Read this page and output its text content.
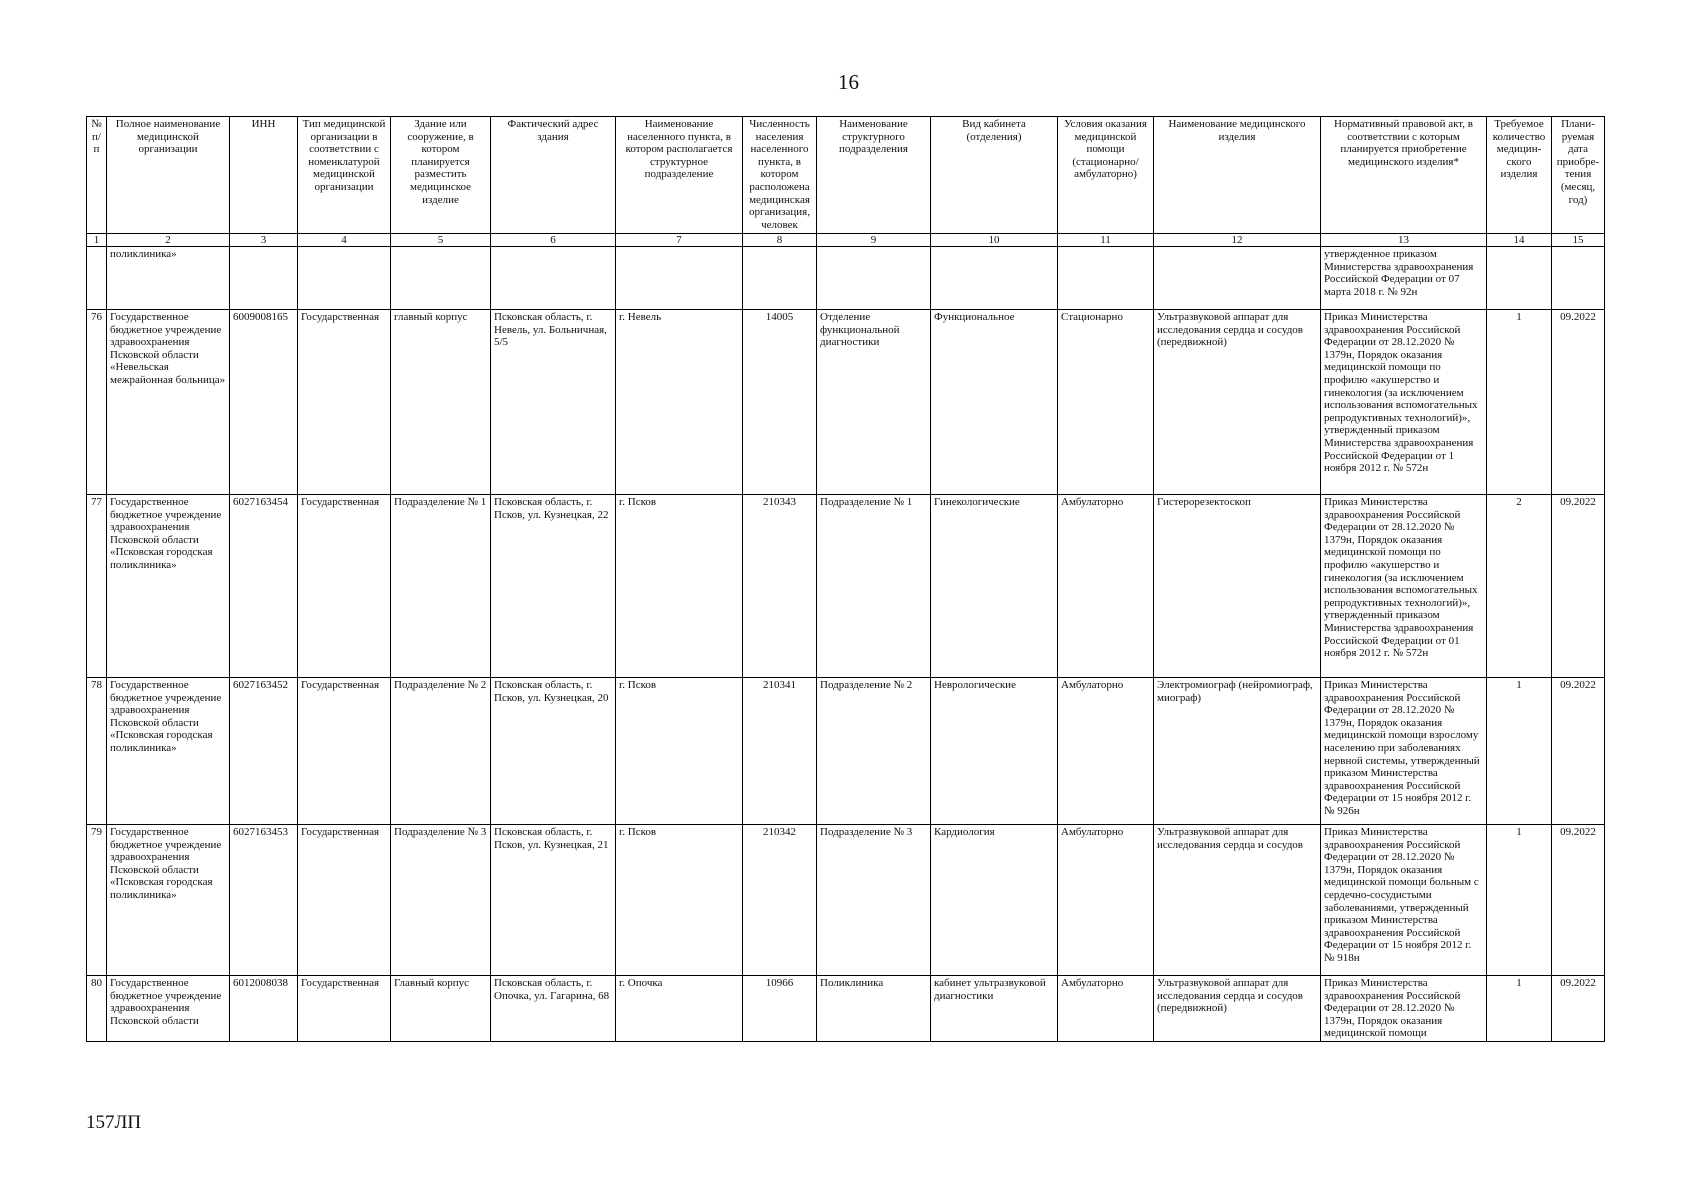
16
№ п/п	Полное наименование медицинской организации	ИНН	Тип медицинской организации в соответствии с номенклатурой медицинской организации	Здание или сооружение, в котором планируется разместить медицинское изделие	Фактический адрес здания	Наименование населенного пункта, в котором располагается структурное подразделение	Численность населения населенного пункта, в котором расположена медицинская организация, человек	Наименование структурного подразделения	Вид кабинета (отделения)	Условия оказания медицинской помощи (стационарно/ амбулаторно)	Наименование медицинского изделия	Нормативный правовой акт, в соответствии с которым планируется приобретение медицинского изделия*	Требуемое количество медицин-ского изделия	Плани-руемая дата приобре-тения (месяц, год)
1	2	3	4	5	6	7	8	9	10	11	12	13	14	15
	поликлиника»											утвержденное приказом Министерства здравоохранения Российской Федерации от 07 марта 2018 г. № 92н		
76	Государственное бюджетное учреждение здравоохранения Псковской области «Невельская межрайонная больница»	6009008165	Государственная	главный корпус	Псковская область, г. Невель, ул. Больничная, 5/5	г. Невель	14005	Отделение функциональной диагностики	Функциональное	Стационарно	Ультразвуковой аппарат для исследования сердца и сосудов (передвижной)	Приказ Министерства здравоохранения Российской Федерации от 28.12.2020 № 1379н, Порядок оказания медицинской помощи по профилю «акушерство и гинекология (за исключением использования вспомогательных репродуктивных технологий)», утвержденный приказом Министерства здравоохранения Российской Федерации от 1 ноября 2012 г. № 572н	1	09.2022
77	Государственное бюджетное учреждение здравоохранения Псковской области «Псковская городская поликлиника»	6027163454	Государственная	Подразделение № 1	Псковская область, г. Псков, ул. Кузнецкая, 22	г. Псков	210343	Подразделение № 1	Гинекологические	Амбулаторно	Гистерорезектоскоп	Приказ Министерства здравоохранения Российской Федерации от 28.12.2020 № 1379н, Порядок оказания медицинской помощи по профилю «акушерство и гинекология (за исключением использования вспомогательных репродуктивных технологий)», утвержденный приказом Министерства здравоохранения Российской Федерации от 01 ноября 2012 г. № 572н	2	09.2022
78	Государственное бюджетное учреждение здравоохранения Псковской области «Псковская городская поликлиника»	6027163452	Государственная	Подразделение № 2	Псковская область, г. Псков, ул. Кузнецкая, 20	г. Псков	210341	Подразделение № 2	Неврологические	Амбулаторно	Электромиограф (нейромиограф, миограф)	Приказ Министерства здравоохранения Российской Федерации от 28.12.2020 № 1379н, Порядок оказания медицинской помощи взрослому населению при заболеваниях нервной системы, утвержденный приказом Министерства здравоохранения Российской Федерации от 15 ноября 2012 г. № 926н	1	09.2022
79	Государственное бюджетное учреждение здравоохранения Псковской области «Псковская городская поликлиника»	6027163453	Государственная	Подразделение № 3	Псковская область, г. Псков, ул. Кузнецкая, 21	г. Псков	210342	Подразделение № 3	Кардиология	Амбулаторно	Ультразвуковой аппарат для исследования сердца и сосудов	Приказ Министерства здравоохранения Российской Федерации от 28.12.2020 № 1379н, Порядок оказания медицинской помощи больным с сердечно-сосудистыми заболеваниями, утвержденный приказом Министерства здравоохранения Российской Федерации от 15 ноября 2012 г. № 918н	1	09.2022
80	Государственное бюджетное учреждение здравоохранения Псковской области	6012008038	Государственная	Главный корпус	Псковская область, г. Опочка, ул. Гагарина, 68	г. Опочка	10966	Поликлиника	кабинет ультразвуковой диагностики	Амбулаторно	Ультразвуковой аппарат для исследования сердца и сосудов (передвижной)	Приказ Министерства здравоохранения Российской Федерации от 28.12.2020 № 1379н, Порядок оказания медицинской помощи	1	09.2022
157ЛП
